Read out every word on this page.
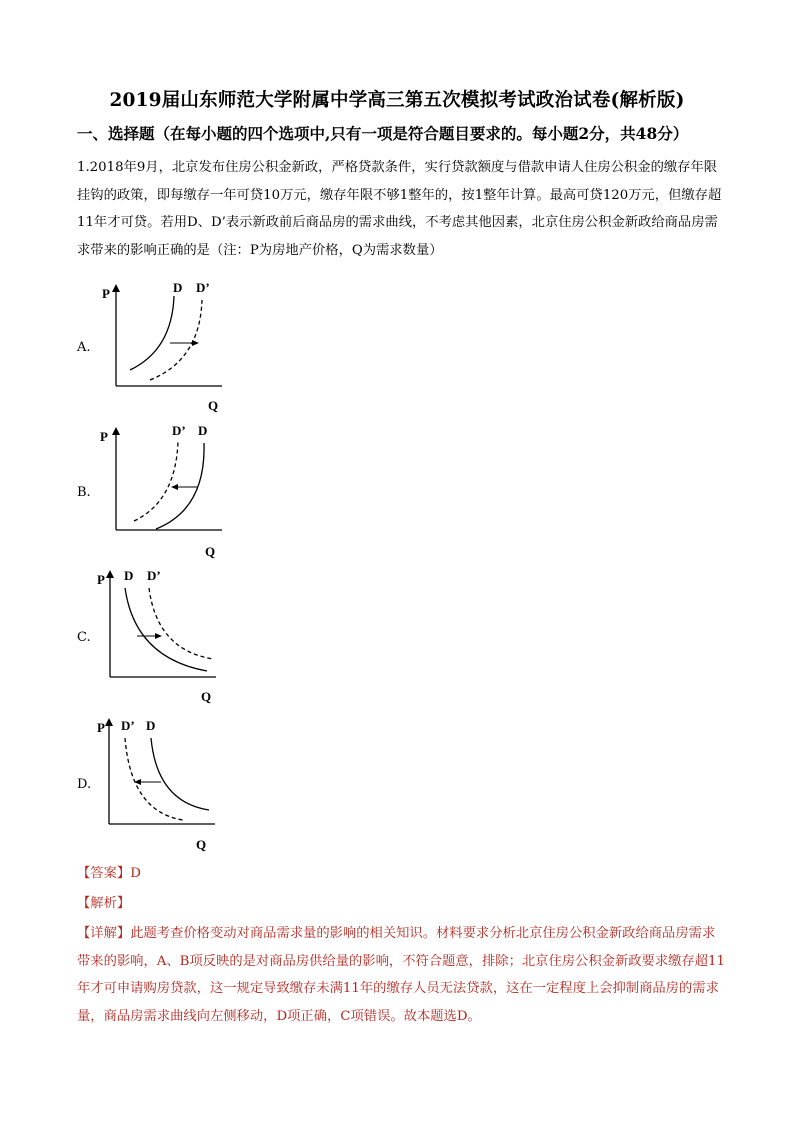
2019届山东师范大学附属中学高三第五次模拟考试政治试卷(解析版)
一、选择题（在每小题的四个选项中,只有一项是符合题目要求的。每小题2分，共48分）

1.2018年9月，北京发布住房公积金新政，严格贷款条件，实行贷款额度与借款申请人住房公积金的缴存年限挂钩的政策，即每缴存一年可贷10万元，缴存年限不够1整年的，按1整年计算。最高可贷120万元，但缴存超11年才可贷。若用D、D’表示新政前后商品房的需求曲线，不考虑其他因素，北京住房公积金新政给商品房需求带来的影响正确的是（注：P为房地产价格，Q为需求数量）

A.
P
Q
D D’
B.
P
Q
D’ D
C.
P
Q
D D’
D.
P
Q
D’ D
【答案】D
【解析】
【详解】此题考查价格变动对商品需求量的影响的相关知识。材料要求分析北京住房公积金新政给商品房需求带来的影响，A、B项反映的是对商品房供给量的影响，不符合题意，排除；北京住房公积金新政要求缴存超11年才可申请购房贷款，这一规定导致缴存未满11年的缴存人员无法贷款，这在一定程度上会抑制商品房的需求量，商品房需求曲线向左侧移动，D项正确，C项错误。故本题选D。
